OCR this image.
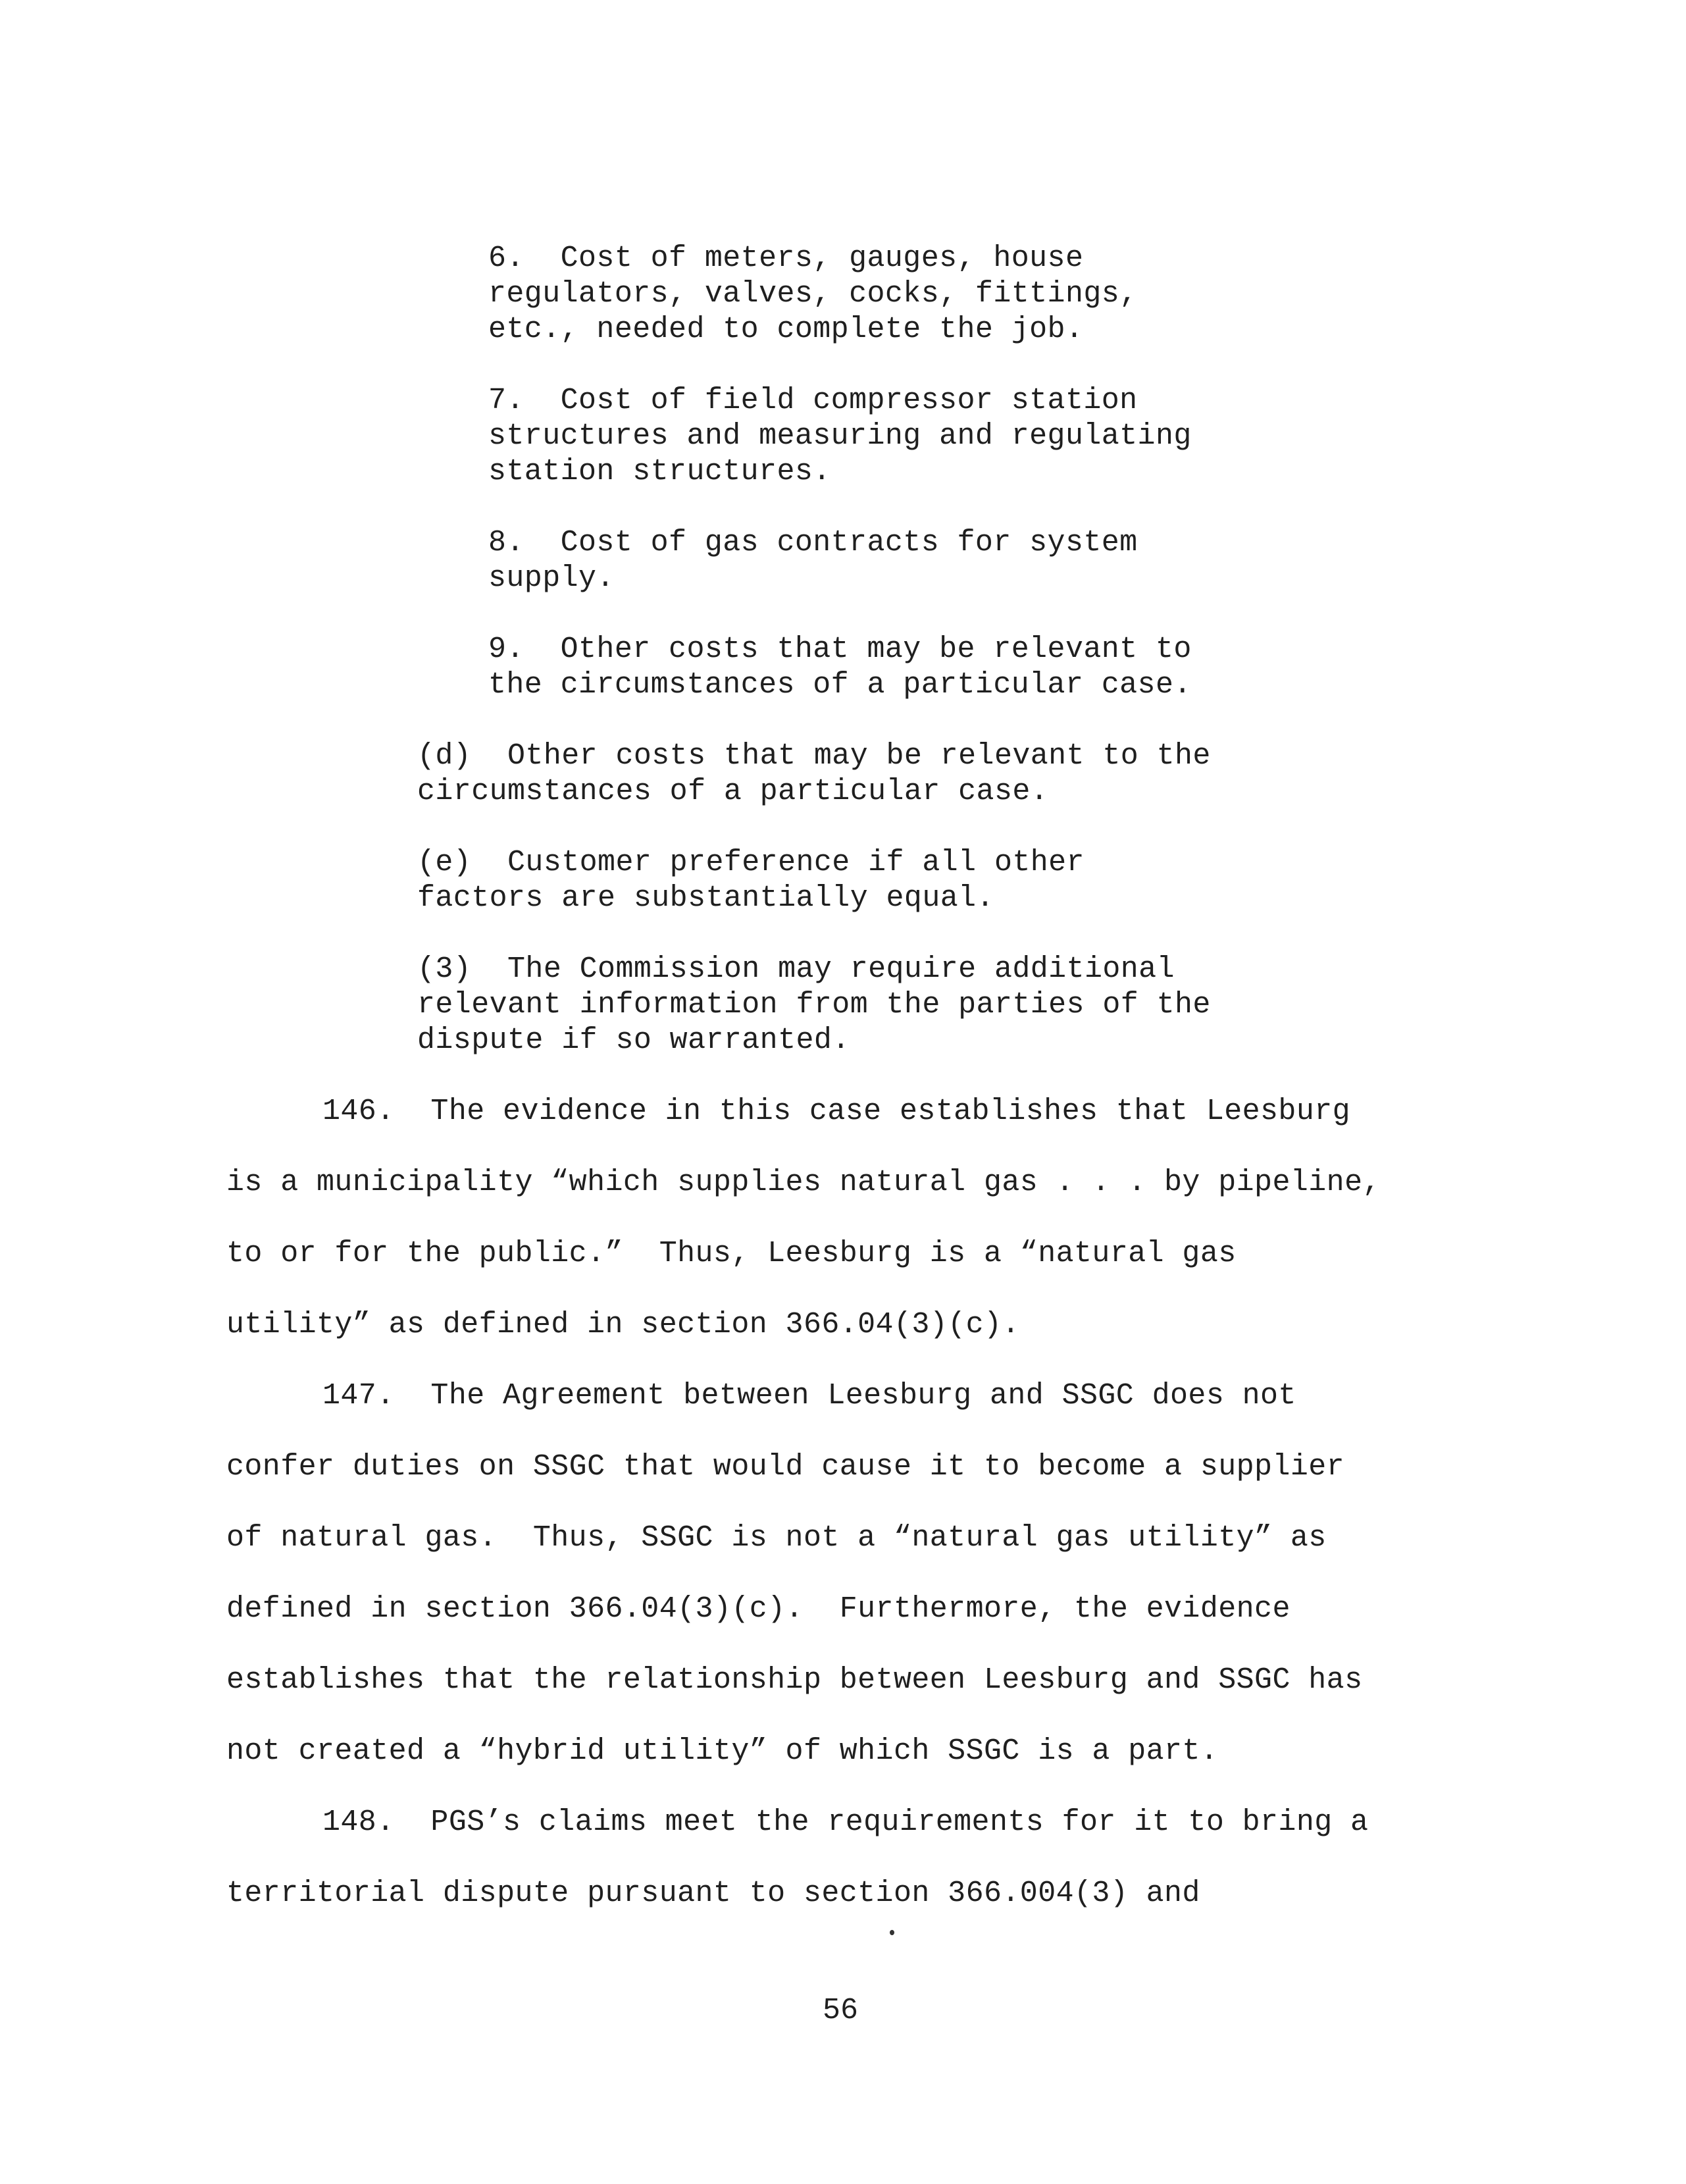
6.  Cost of meters, gauges, house
regulators, valves, cocks, fittings,
etc., needed to complete the job.
7.  Cost of field compressor station
structures and measuring and regulating
station structures.
8.  Cost of gas contracts for system
supply.
9.  Other costs that may be relevant to
the circumstances of a particular case.
(d)  Other costs that may be relevant to the
circumstances of a particular case.
(e)  Customer preference if all other
factors are substantially equal.
(3)  The Commission may require additional
relevant information from the parties of the
dispute if so warranted.
146.  The evidence in this case establishes that Leesburg
is a municipality “which supplies natural gas . . . by pipeline,
to or for the public.”  Thus, Leesburg is a “natural gas
utility” as defined in section 366.04(3)(c).
147.  The Agreement between Leesburg and SSGC does not
confer duties on SSGC that would cause it to become a supplier
of natural gas.  Thus, SSGC is not a “natural gas utility” as
defined in section 366.04(3)(c).  Furthermore, the evidence
establishes that the relationship between Leesburg and SSGC has
not created a “hybrid utility” of which SSGC is a part.
148.  PGS’s claims meet the requirements for it to bring a
territorial dispute pursuant to section 366.004(3) and
56
